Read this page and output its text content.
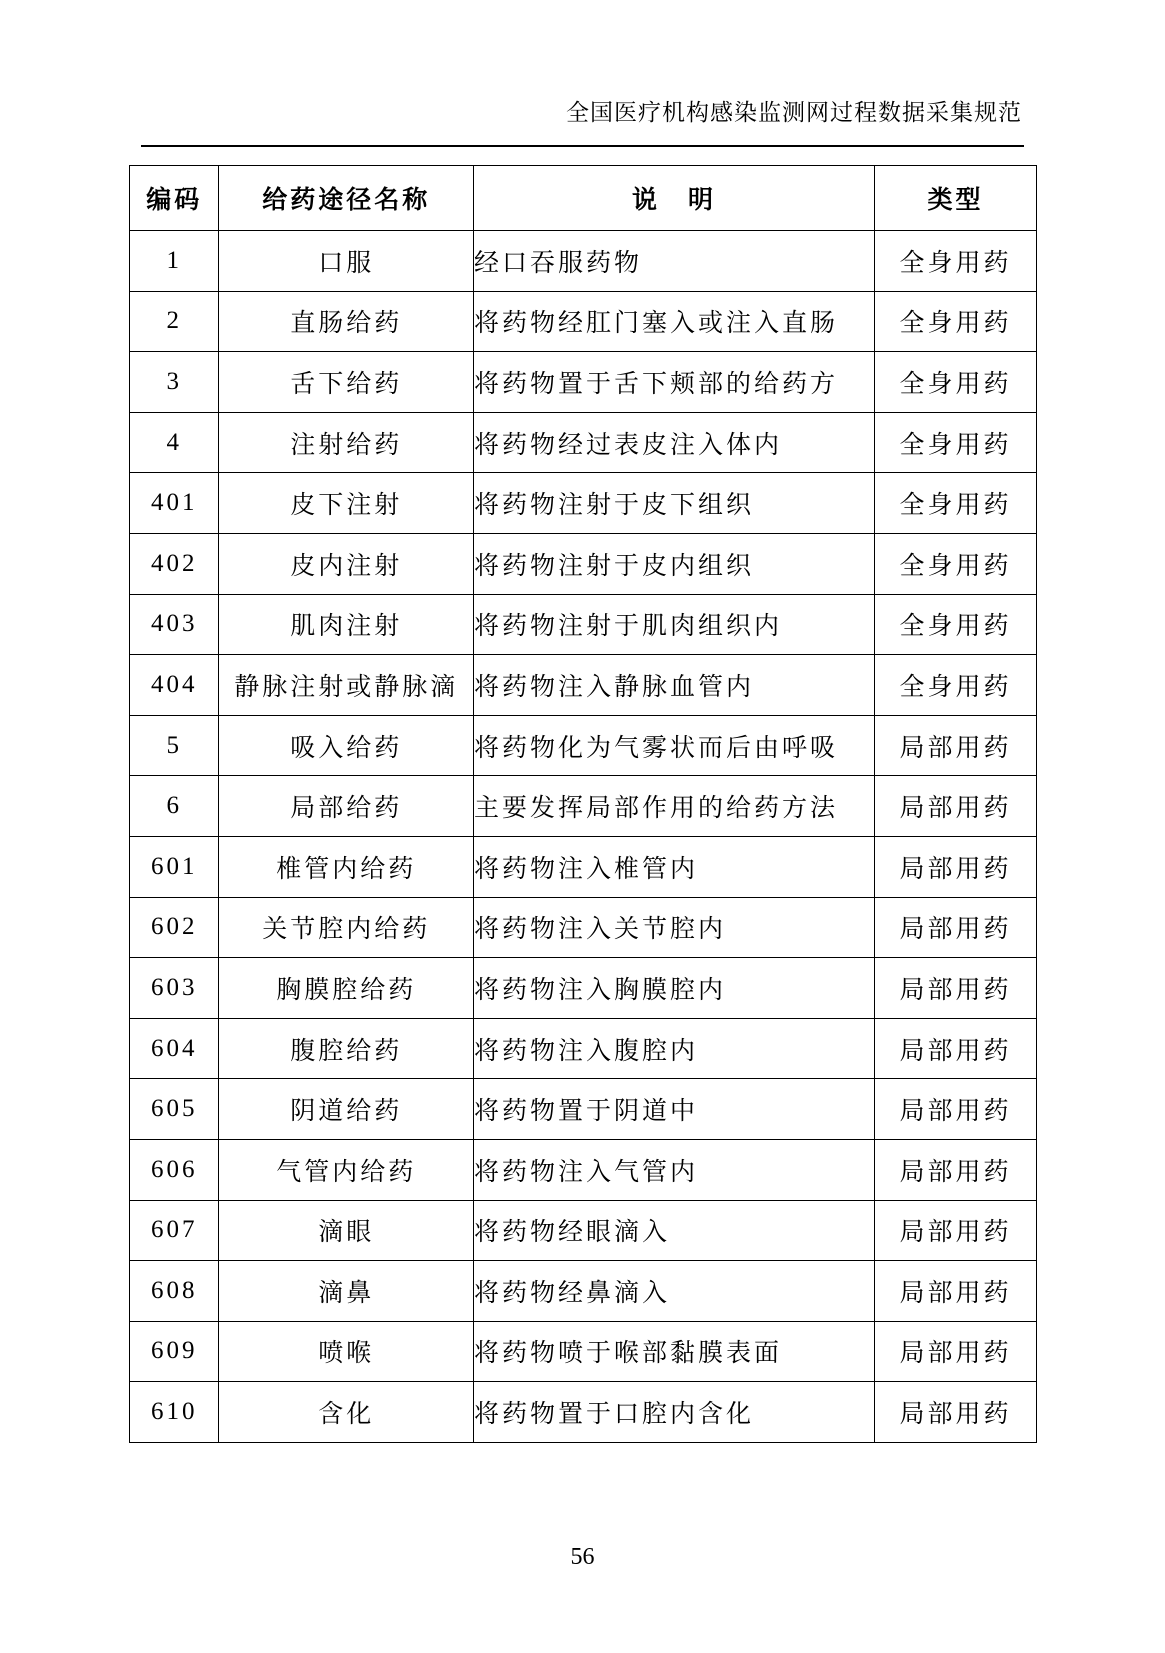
全国医疗机构感染监测网过程数据采集规范
编码	给药途径名称	说　明	类型
1	口服	经口吞服药物	全身用药
2	直肠给药	将药物经肛门塞入或注入直肠	全身用药
3	舌下给药	将药物置于舌下颊部的给药方	全身用药
4	注射给药	将药物经过表皮注入体内	全身用药
401	皮下注射	将药物注射于皮下组织	全身用药
402	皮内注射	将药物注射于皮内组织	全身用药
403	肌肉注射	将药物注射于肌肉组织内	全身用药
404	静脉注射或静脉滴	将药物注入静脉血管内	全身用药
5	吸入给药	将药物化为气雾状而后由呼吸	局部用药
6	局部给药	主要发挥局部作用的给药方法	局部用药
601	椎管内给药	将药物注入椎管内	局部用药
602	关节腔内给药	将药物注入关节腔内	局部用药
603	胸膜腔给药	将药物注入胸膜腔内	局部用药
604	腹腔给药	将药物注入腹腔内	局部用药
605	阴道给药	将药物置于阴道中	局部用药
606	气管内给药	将药物注入气管内	局部用药
607	滴眼	将药物经眼滴入	局部用药
608	滴鼻	将药物经鼻滴入	局部用药
609	喷喉	将药物喷于喉部黏膜表面	局部用药
610	含化	将药物置于口腔内含化	局部用药
56
